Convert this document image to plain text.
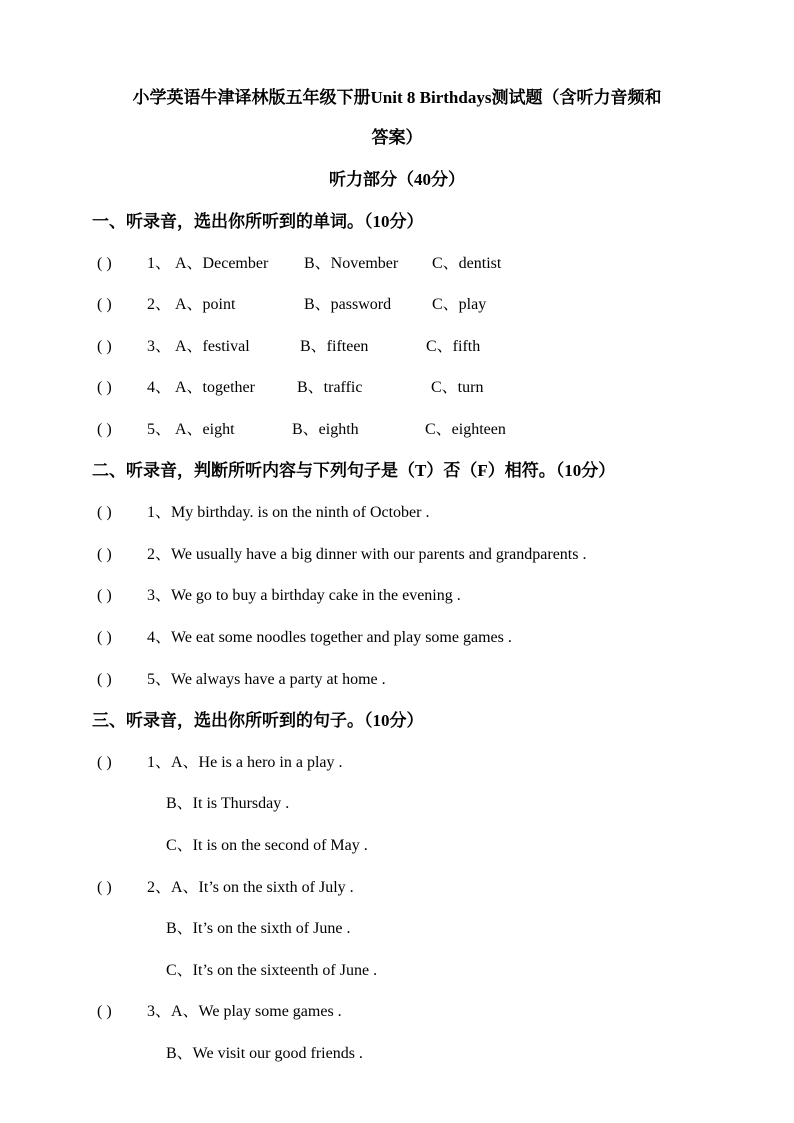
小学英语牛津译林版五年级下册Unit 8 Birthdays测试题（含听力音频和
答案）
听力部分（40分）
一、听录音，选出你所听到的单词。（10分）
( ) 1、 A、December B、November C、dentist
( ) 2、 A、point	B、password	C、play
( ) 3、 A、festival	B、fifteen	C、fifth
( ) 4、 A、together	B、traffic	C、turn
( ) 5、 A、eight	B、eighth	C、eighteen
二、听录音，判断所听内容与下列句子是（T）否（F）相符。（10分）
( ) 1、My birthday. is on the ninth of October .
( ) 2、We usually have a big dinner with our parents and grandparents .
( ) 3、We go to buy a birthday cake in the evening .
( ) 4、We eat some noodles together and play some games .
( ) 5、We always have a party at home .
三、听录音，选出你所听到的句子。（10分）
( ) 1、A、He is a hero in a play .
B、It is Thursday .
C、It is on the second of May .
( ) 2、A、It’s on the sixth of July .
B、It’s on the sixth of June .
C、It’s on the sixteenth of June .
( ) 3、A、We play some games .
B、We visit our good friends .
